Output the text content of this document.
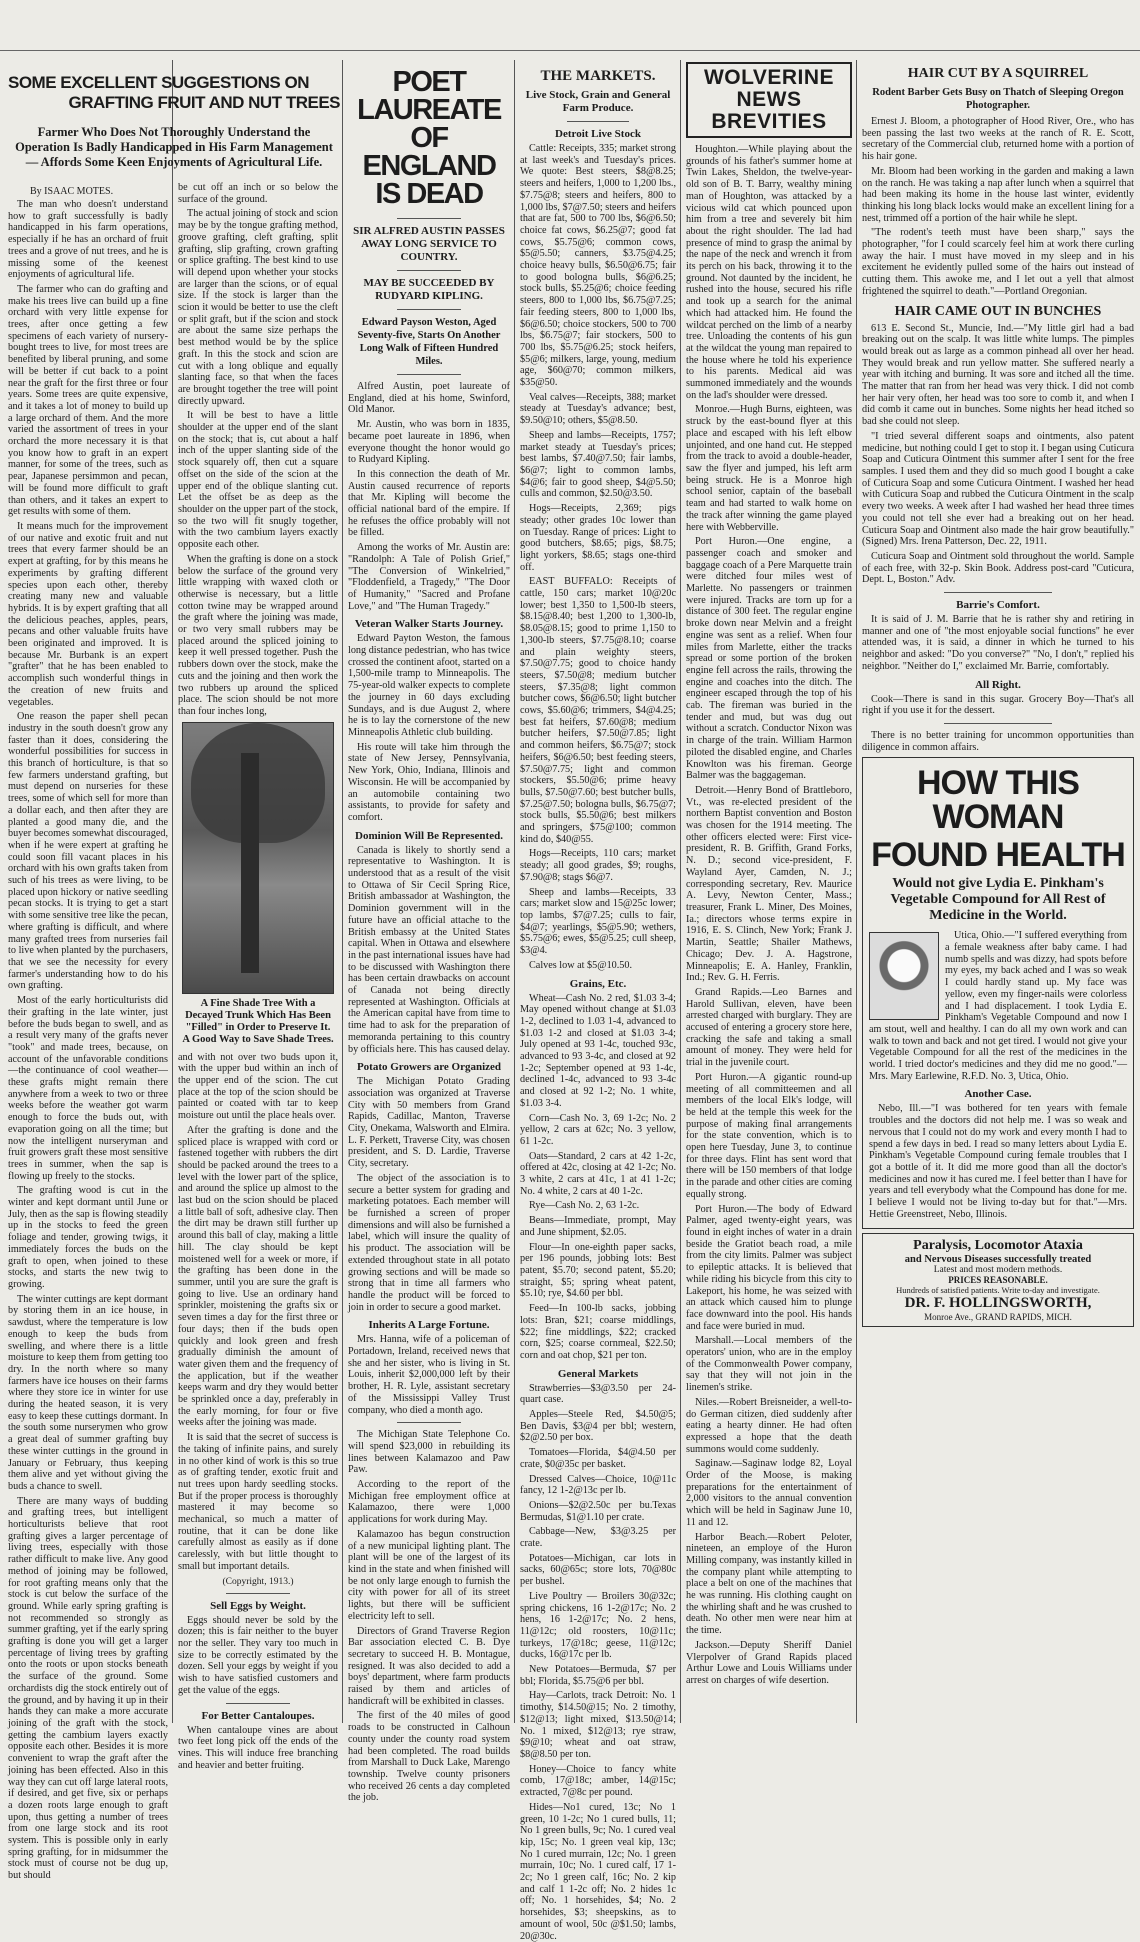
SOME EXCELLENT SUGGESTIONS ON
GRAFTING FRUIT AND NUT TREES
Farmer Who Does Not Thoroughly Understand the Operation Is Badly Handicapped in His Farm Management — Affords Some Keen Enjoyments of Agricultural Life.
By ISAAC MOTES.

The man who doesn't understand how to graft successfully is badly handicapped in his farm operations, especially if he has an orchard of fruit trees and a grove of nut trees, and he is missing some of the keenest enjoyments of agricultural life.

The farmer who can do grafting and make his trees live can build up a fine orchard with very little expense for trees, after once getting a few specimens of each variety of nursery-bought trees to live, for most trees are benefited by liberal pruning, and some will be better if cut back to a point near the graft for the first three or four years. Some trees are quite expensive, and it takes a lot of money to build up a large orchard of them. And the more varied the assortment of trees in your orchard the more necessary it is that you know how to graft in an expert manner, for some of the trees, such as pear, Japanese persimmon and pecan, will be found more difficult to graft than others, and it takes an expert to get results with some of them.

It means much for the improvement of our native and exotic fruit and nut trees that every farmer should be an expert at grafting, for by this means he experiments by grafting different species upon each other, thereby creating many new and valuable hybrids. It is by expert grafting that all the delicious peaches, apples, pears, pecans and other valuable fruits have been originated and improved. It is because Mr. Burbank is an expert "grafter" that he has been enabled to accomplish such wonderful things in the creation of new fruits and vegetables.

One reason the paper shell pecan industry in the south doesn't grow any faster than it does, considering the wonderful possibilities for success in this branch of horticulture, is that so few farmers understand grafting, but must depend on nurseries for these trees, some of which sell for more than a dollar each, and then after they are planted a good many die, and the buyer becomes somewhat discouraged, when if he were expert at grafting he could soon fill vacant places in his orchard with his own grafts taken from such of his trees as were living, to be placed upon hickory or native seedling pecan stocks. It is trying to get a start with some sensitive tree like the pecan, where grafting is difficult, and where many grafted trees from nurseries fail to live when planted by the purchasers, that we see the necessity for every farmer's understanding how to do his own grafting.

Most of the early horticulturists did their grafting in the late winter, just before the buds began to swell, and as a result very many of the grafts never "took" and made trees, because, on account of the unfavorable conditions—the continuance of cool weather—these grafts might remain there anywhere from a week to two or three weeks before the weather got warm enough to force the buds out, with evaporation going on all the time; but now the intelligent nurseryman and fruit growers graft these most sensitive trees in summer, when the sap is flowing up freely to the stocks.

The grafting wood is cut in the winter and kept dormant until June or July, then as the sap is flowing steadily up in the stocks to feed the green foliage and tender, growing twigs, it immediately forces the buds on the graft to open, when joined to these stocks, and starts the new twig to growing.

The winter cuttings are kept dormant by storing them in an ice house, in sawdust, where the temperature is low enough to keep the buds from swelling, and where there is a little moisture to keep them from getting too dry. In the north where so many farmers have ice houses on their farms where they store ice in winter for use during the heated season, it is very easy to keep these cuttings dormant. In the south some nurserymen who grow a great deal of summer grafting buy these winter cuttings in the ground in January or February, thus keeping them alive and yet without giving the buds a chance to swell.

There are many ways of budding and grafting trees, but intelligent horticulturists believe that root grafting gives a larger percentage of living trees, especially with those rather difficult to make live. Any good method of joining may be followed, for root grafting means only that the stock is cut below the surface of the ground. While early spring grafting is not recommended so strongly as summer grafting, yet if the early spring grafting is done you will get a larger percentage of living trees by grafting onto the roots or upon stocks beneath the surface of the ground. Some orchardists dig the stock entirely out of the ground, and by having it up in their hands they can make a more accurate joining of the graft with the stock, getting the cambium layers exactly opposite each other. Besides it is more convenient to wrap the graft after the joining has been effected. Also in this way they can cut off large lateral roots, if desired, and get five, six or perhaps a dozen roots large enough to graft upon, thus getting a number of trees from one large stock and its root system. This is possible only in early spring grafting, for in midsummer the stock must of course not be dug up, but should

be cut off an inch or so below the surface of the ground.

The actual joining of stock and scion may be by the tongue grafting method, groove grafting, cleft grafting, split grafting, slip grafting, crown grafting or splice grafting. The best kind to use will depend upon whether your stocks are larger than the scions, or of equal size. If the stock is larger than the scion it would be better to use the cleft or split graft, but if the scion and stock are about the same size perhaps the best method would be by the splice graft. In this the stock and scion are cut with a long oblique and equally slanting face, so that when the faces are brought together the tree will point directly upward.

It will be best to have a little shoulder at the upper end of the slant on the stock; that is, cut about a half inch of the upper slanting side of the stock squarely off, then cut a square offset on the side of the scion at the upper end of the oblique slanting cut. Let the offset be as deep as the shoulder on the upper part of the stock, so the two will fit snugly together, with the two cambium layers exactly opposite each other.

When the grafting is done on a stock below the surface of the ground very little wrapping with waxed cloth or otherwise is necessary, but a little cotton twine may be wrapped around the graft where the joining was made, or two very small rubbers may be placed around the spliced joining to keep it well pressed together. Push the rubbers down over the stock, make the cuts and the joining and then work the two rubbers up around the spliced place. The scion should be not more than four inches long,

A Fine Shade Tree With a Decayed Trunk Which Has Been "Filled" in Order to Preserve It. A Good Way to Save Shade Trees.

and with not over two buds upon it, with the upper bud within an inch of the upper end of the scion. The cut place at the top of the scion should be painted or coated with tar to keep moisture out until the place heals over.

After the grafting is done and the spliced place is wrapped with cord or fastened together with rubbers the dirt should be packed around the trees to a level with the lower part of the splice, and around the splice up almost to the last bud on the scion should be placed a little ball of soft, adhesive clay. Then the dirt may be drawn still further up around this ball of clay, making a little hill. The clay should be kept moistened well for a week or more, if the grafting has been done in the summer, until you are sure the graft is going to live. Use an ordinary hand sprinkler, moistening the grafts six or seven times a day for the first three or four days; then if the buds open quickly and look green and fresh gradually diminish the amount of water given them and the frequency of the application, but if the weather keeps warm and dry they would better be sprinkled once a day, preferably in the early morning, for four or five weeks after the joining was made.

It is said that the secret of success is the taking of infinite pains, and surely in no other kind of work is this so true as of grafting tender, exotic fruit and nut trees upon hardy seedling stocks. But if the proper process is thoroughly mastered it may become so mechanical, so much a matter of routine, that it can be done like carefully almost as easily as if done carelessly, with but little thought to small but important details.

(Copyright, 1913.)
Sell Eggs by Weight.

Eggs should never be sold by the dozen; this is fair neither to the buyer nor the seller. They vary too much in size to be correctly estimated by the dozen. Sell your eggs by weight if you wish to have satisfied customers and get the value of the eggs.

For Better Cantaloupes.

When cantaloupe vines are about two feet long pick off the ends of the vines. This will induce free branching and heavier and better fruiting.

POET LAUREATE OF ENGLAND IS DEAD
SIR ALFRED AUSTIN PASSES AWAY LONG SERVICE TO COUNTRY.
MAY BE SUCCEEDED BY RUDYARD KIPLING.
Edward Payson Weston, Aged Seventy-five, Starts On Another Long Walk of Fifteen Hundred Miles.

Alfred Austin, poet laureate of England, died at his home, Swinford, Old Manor.

Mr. Austin, who was born in 1835, became poet laureate in 1896, when everyone thought the honor would go to Rudyard Kipling.

In this connection the death of Mr. Austin caused recurrence of reports that Mr. Kipling will become the official national bard of the empire. If he refuses the office probably will not be filled.

Among the works of Mr. Austin are: "Randolph: A Tale of Polish Grief," "The Conversion of Winkelried," "Floddenfield, a Tragedy," "The Door of Humanity," "Sacred and Profane Love," and "The Human Tragedy."

Veteran Walker Starts Journey.

Edward Payton Weston, the famous long distance pedestrian, who has twice crossed the continent afoot, started on a 1,500-mile tramp to Minneapolis. The 75-year-old walker expects to complete the journey in 60 days excluding Sundays, and is due August 2, where he is to lay the cornerstone of the new Minneapolis Athletic club building.

His route will take him through the state of New Jersey, Pennsylvania, New York, Ohio, Indiana, Illinois and Wisconsin. He will be accompanied by an automobile containing two assistants, to provide for safety and comfort.

Dominion Will Be Represented.

Canada is likely to shortly send a representative to Washington. It is understood that as a result of the visit to Ottawa of Sir Cecil Spring Rice, British ambassador at Washington, the Dominion government will in the future have an official attache to the British embassy at the United States capital. When in Ottawa and elsewhere in the past international issues have had to be discussed with Washington there has been certain drawbacks on account of Canada not being directly represented at Washington. Officials at the American capital have from time to time had to ask for the preparation of memoranda pertaining to this country by officials here. This has caused delay.

Potato Growers are Organized

The Michigan Potato Grading association was organized at Traverse City with 50 members from Grand Rapids, Cadillac, Manton, Traverse City, Onekama, Walsworth and Elmira. L. F. Perkett, Traverse City, was chosen president, and S. D. Lardie, Traverse City, secretary.

The object of the association is to secure a better system for grading and marketing potatoes. Each member will be furnished a screen of proper dimensions and will also be furnished a label, which will insure the quality of his product. The association will be extended throughout state in all potato growing sections and will be made so strong that in time all farmers who handle the product will be forced to join in order to secure a good market.

Inherits A Large Fortune.

Mrs. Hanna, wife of a policeman of Portadown, Ireland, received news that she and her sister, who is living in St. Louis, inherit $2,000,000 left by their brother, H. R. Lyle, assistant secretary of the Mississippi Valley Trust company, who died a month ago.

The Michigan State Telephone Co. will spend $23,000 in rebuilding its lines between Kalamazoo and Paw Paw.

According to the report of the Michigan free employment office at Kalamazoo, there were 1,000 applications for work during May.

Kalamazoo has begun construction of a new municipal lighting plant. The plant will be one of the largest of its kind in the state and when finished will be not only large enough to furnish the city with power for all of its street lights, but there will be sufficient electricity left to sell.

Directors of Grand Traverse Region Bar association elected C. B. Dye secretary to succeed H. B. Montague, resigned. It was also decided to add a boys' department, where farm products raised by them and articles of handicraft will be exhibited in classes.

The first of the 40 miles of good roads to be constructed in Calhoun county under the county road system had been completed. The road builds from Marshall to Duck Lake, Marengo township. Twelve county prisoners who received 26 cents a day completed the job.

THE MARKETS.
Live Stock, Grain and General Farm Produce.
Detroit Live Stock

Cattle: Receipts, 335; market strong at last week's and Tuesday's prices. We quote: Best steers, $8@8.25; steers and heifers, 1,000 to 1,200 lbs., $7.75@8; steers and heifers, 800 to 1,000 lbs, $7@7.50; steers and heifers that are fat, 500 to 700 lbs, $6@6.50; choice fat cows, $6.25@7; good fat cows, $5.75@6; common cows, $5@5.50; canners, $3.75@4.25; choice heavy bulls, $6.50@6.75; fair to good bologna bulls, $6@6.25; stock bulls, $5.25@6; choice feeding steers, 800 to 1,000 lbs, $6.75@7.25; fair feeding steers, 800 to 1,000 lbs, $6@6.50; choice stockers, 500 to 700 lbs, $6.75@7; fair stockers, 500 to 700 lbs, $5.75@6.25; stock heifers, $5@6; milkers, large, young, medium age, $60@70; common milkers, $35@50.

Veal calves—Receipts, 388; market steady at Tuesday's advance; best, $9.50@10; others, $5@8.50.

Sheep and lambs—Receipts, 1757; market steady at Tuesday's prices; best lambs, $7.40@7.50; fair lambs, $6@7; light to common lambs, $4@6; fair to good sheep, $4@5.50; culls and common, $2.50@3.50.

Hogs—Receipts, 2,369; pigs steady; other grades 10c lower than on Tuesday. Range of prices: Light to good butchers, $8.65; pigs, $8.75; light yorkers, $8.65; stags one-third off.

EAST BUFFALO: Receipts of cattle, 150 cars; market 10@20c lower; best 1,350 to 1,500-lb steers, $8.15@8.40; best 1,200 to 1,300-lb, $8.05@8.15; good to prime 1,150 to 1,300-lb steers, $7.75@8.10; coarse and plain weighty steers, $7.50@7.75; good to choice handy steers, $7.50@8; medium butcher steers, $7.35@8; light common butcher cows, $6@6.50; light butcher cows, $5.60@6; trimmers, $4@4.25; best fat heifers, $7.60@8; medium butcher heifers, $7.50@7.85; light and common heifers, $6.75@7; stock heifers, $6@6.50; best feeding steers, $7.50@7.75; light and common stockers, $5.50@6; prime heavy bulls, $7.50@7.60; best butcher bulls, $7.25@7.50; bologna bulls, $6.75@7; stock bulls, $5.50@6; best milkers and springers, $75@100; common kind do, $40@55.

Hogs—Receipts, 110 cars; market steady; all good grades, $9; roughs, $7.90@8; stags $6@7.

Sheep and lambs—Receipts, 33 cars; market slow and 15@25c lower; top lambs, $7@7.25; culls to fair, $4@7; yearlings, $5@5.90; wethers, $5.75@6; ewes, $5@5.25; cull sheep, $3@4.

Calves low at $5@10.50.

Grains, Etc.

Wheat—Cash No. 2 red, $1.03 3-4; May opened without change at $1.03 1-2, declined to 1.03 1-4, advanced to $1.03 1-2 and closed at $1.03 3-4; July opened at 93 1-4c, touched 93c, advanced to 93 3-4c, and closed at 92 1-2c; September opened at 93 1-4c, declined 1-4c, advanced to 93 3-4c and closed at 92 1-2; No. 1 white, $1.03 3-4.

Corn—Cash No. 3, 69 1-2c; No. 2 yellow, 2 cars at 62c; No. 3 yellow, 61 1-2c.

Oats—Standard, 2 cars at 42 1-2c, offered at 42c, closing at 42 1-2c; No. 3 white, 2 cars at 41c, 1 at 41 1-2c; No. 4 white, 2 cars at 40 1-2c.

Rye—Cash No. 2, 63 1-2c.

Beans—Immediate, prompt, May and June shipment, $2.05.

Flour—In one-eighth paper sacks, per 196 pounds, jobbing lots: Best patent, $5.70; second patent, $5.20; straight, $5; spring wheat patent, $5.10; rye, $4.60 per bbl.

Feed—In 100-lb sacks, jobbing lots: Bran, $21; coarse middlings, $22; fine middlings, $22; cracked corn, $25; coarse cornmeal, $22.50; corn and oat chop, $21 per ton.

General Markets

Strawberries—$3@3.50 per 24-quart case.

Apples—Steele Red, $4.50@5; Ben Davis, $3@4 per bbl; western, $2@2.50 per box.

Tomatoes—Florida, $4@4.50 per crate, $0@35c per basket.

Dressed Calves—Choice, 10@11c fancy, 12 1-2@13c per lb.

Onions—$2@2.50c per bu.Texas Bermudas, $1@1.10 per crate.

Cabbage—New, $3@3.25 per crate.

Potatoes—Michigan, car lots in sacks, 60@65c; store lots, 70@80c per bushel.

Live Poultry — Broilers 30@32c; spring chickens, 16 1-2@17c; No. 2 hens, 16 1-2@17c; No. 2 hens, 11@12c; old roosters, 10@11c; turkeys, 17@18c; geese, 11@12c; ducks, 16@17c per lb.

New Potatoes—Bermuda, $7 per bbl; Florida, $5.75@6 per bbl.

Hay—Carlots, track Detroit: No. 1 timothy, $14.50@15; No. 2 timothy, $12@13; light mixed, $13.50@14; No. 1 mixed, $12@13; rye straw, $9@10; wheat and oat straw, $8@8.50 per ton.

Honey—Choice to fancy white comb, 17@18c; amber, 14@15c; extracted, 7@8c per pound.

Hides—No1 cured, 13c; No 1 green, 10 1-2c; No 1 cured bulls, 11; No 1 green bulls, 9c; No. 1 cured veal kip, 15c; No. 1 green veal kip, 13c; No 1 cured murrain, 12c; No. 1 green murrain, 10c; No. 1 cured calf, 17 1-2c; No 1 green calf, 16c; No. 2 kip and calf 1 1-2c off; No. 2 hides 1c off; No. 1 horsehides, $4; No. 2 horsehides, $3; sheepskins, as to amount of wool, 50c @$1.50; lambs, 20@30c.

WOLVERINE
NEWS BREVITIES

Houghton.—While playing about the grounds of his father's summer home at Twin Lakes, Sheldon, the twelve-year-old son of B. T. Barry, wealthy mining man of Houghton, was attacked by a vicious wild cat which pounced upon him from a tree and severely bit him about the right shoulder. The lad had presence of mind to grasp the animal by the nape of the neck and wrench it from its perch on his back, throwing it to the ground. Not daunted by the incident, he rushed into the house, secured his rifle and took up a search for the animal which had attacked him. He found the wildcat perched on the limb of a nearby tree. Unloading the contents of his gun at the wildcat the young man repaired to the house where he told his experience to his parents. Medical aid was summoned immediately and the wounds on the lad's shoulder were dressed.

Monroe.—Hugh Burns, eighteen, was struck by the east-bound flyer at this place and escaped with his left elbow unjointed, and one hand cut. He stepped from the track to avoid a double-header, saw the flyer and jumped, his left arm being struck. He is a Monroe high school senior, captain of the baseball team and had started to walk home on the track after winning the game played here with Webberville.

Port Huron.—One engine, a passenger coach and smoker and baggage coach of a Pere Marquette train were ditched four miles west of Marlette. No passengers or trainmen were injured. Tracks are torn up for a distance of 300 feet. The regular engine broke down near Melvin and a freight engine was sent as a relief. When four miles from Marlette, either the tracks spread or some portion of the broken engine fell across the rails, throwing the engine and coaches into the ditch. The engineer escaped through the top of his cab. The fireman was buried in the tender and mud, but was dug out without a scratch. Conductor Nixon was in charge of the train. William Harmon piloted the disabled engine, and Charles Knowlton was his fireman. George Balmer was the baggageman.

Detroit.—Henry Bond of Brattleboro, Vt., was re-elected president of the northern Baptist convention and Boston was chosen for the 1914 meeting. The other officers elected were: First vice-president, R. B. Griffith, Grand Forks, N. D.; second vice-president, F. Wayland Ayer, Camden, N. J.; corresponding secretary, Rev. Maurice A. Levy, Newton Center, Mass.; treasurer, Frank L. Miner, Des Moines, Ia.; directors whose terms expire in 1916, E. S. Clinch, New York; Frank J. Martin, Seattle; Shailer Mathews, Chicago; Dev. J. A. Hagstrone, Minneapolis; E. A. Hanley, Franklin, Ind.; Rev. G. H. Ferris.

Grand Rapids.—Leo Barnes and Harold Sullivan, eleven, have been arrested charged with burglary. They are accused of entering a grocery store here, cracking the safe and taking a small amount of money. They were held for trial in the juvenile court.

Port Huron.—A gigantic round-up meeting of all committeemen and all members of the local Elk's lodge, will be held at the temple this week for the purpose of making final arrangements for the state convention, which is to open here Tuesday, June 3, to continue for three days. Flint has sent word that there will be 150 members of that lodge in the parade and other cities are coming equally strong.

Port Huron.—The body of Edward Palmer, aged twenty-eight years, was found in eight inches of water in a drain beside the Gratiot beach road, a mile from the city limits. Palmer was subject to epileptic attacks. It is believed that while riding his bicycle from this city to Lakeport, his home, he was seized with an attack which caused him to plunge face downward into the pool. His hands and face were buried in mud.

Marshall.—Local members of the operators' union, who are in the employ of the Commonwealth Power company, say that they will not join in the linemen's strike.

Niles.—Robert Breisneider, a well-to-do German citizen, died suddenly after eating a hearty dinner. He had often expressed a hope that the death summons would come suddenly.

Saginaw.—Saginaw lodge 82, Loyal Order of the Moose, is making preparations for the entertainment of 2,000 visitors to the annual convention which will be held in Saginaw June 10, 11 and 12.

Harbor Beach.—Robert Peloter, nineteen, an employe of the Huron Milling company, was instantly killed in the company plant while attempting to place a belt on one of the machines that he was running. His clothing caught on the whirling shaft and he was crushed to death. No other men were near him at the time.

Jackson.—Deputy Sheriff Daniel Vlerpolver of Grand Rapids placed Arthur Lowe and Louis Williams under arrest on charges of wife desertion.

HAIR CUT BY A SQUIRREL
Rodent Barber Gets Busy on Thatch of Sleeping Oregon Photographer.

Ernest J. Bloom, a photographer of Hood River, Ore., who has been passing the last two weeks at the ranch of R. E. Scott, secretary of the Commercial club, returned home with a portion of his hair gone.

Mr. Bloom had been working in the garden and making a lawn on the ranch. He was taking a nap after lunch when a squirrel that had been making its home in the house last winter, evidently thinking his long black locks would make an excellent lining for a nest, trimmed off a portion of the hair while he slept.

"The rodent's teeth must have been sharp," says the photographer, "for I could scarcely feel him at work there curling away the hair. I must have moved in my sleep and in his excitement he evidently pulled some of the hairs out instead of cutting them. This awoke me, and I let out a yell that almost frightened the squirrel to death."—Portland Oregonian.

HAIR CAME OUT IN BUNCHES

613 E. Second St., Muncie, Ind.—"My little girl had a bad breaking out on the scalp. It was little white lumps. The pimples would break out as large as a common pinhead all over her head. They would break and run yellow matter. She suffered nearly a year with itching and burning. It was sore and itched all the time. The matter that ran from her head was very thick. I did not comb her hair very often, her head was too sore to comb it, and when I did comb it came out in bunches. Some nights her head itched so bad she could not sleep.

"I tried several different soaps and ointments, also patent medicine, but nothing could I get to stop it. I began using Cuticura Soap and Cuticura Ointment this summer after I sent for the free samples. I used them and they did so much good I bought a cake of Cuticura Soap and some Cuticura Ointment. I washed her head with Cuticura Soap and rubbed the Cuticura Ointment in the scalp every two weeks. A week after I had washed her head three times you could not tell she ever had a breaking out on her head. Cuticura Soap and Ointment also made the hair grow beautifully." (Signed) Mrs. Irena Patterson, Dec. 22, 1911.

Cuticura Soap and Ointment sold throughout the world. Sample of each free, with 32-p. Skin Book. Address post-card "Cuticura, Dept. L, Boston." Adv.

Barrie's Comfort.

It is said of J. M. Barrie that he is rather shy and retiring in manner and one of "the most enjoyable social functions" he ever attended was, it is said, a dinner in which he turned to his neighbor and asked: "Do you converse?" "No, I don't," replied his neighbor. "Neither do I," exclaimed Mr. Barrie, comfortably.

All Right.

Cook—There is sand in this sugar. Grocery Boy—That's all right if you use it for the dessert.

There is no better training for uncommon opportunities than diligence in common affairs.

HOW THIS WOMAN
FOUND HEALTH
Would not give Lydia E. Pinkham's Vegetable Compound for All Rest of Medicine in the World.

Utica, Ohio.—"I suffered everything from a female weakness after baby came. I had numb spells and was dizzy, had spots before my eyes, my back ached and I was so weak I could hardly stand up. My face was yellow, even my finger-nails were colorless and I had displacement. I took Lydia E. Pinkham's Vegetable Compound and now I am stout, well and healthy. I can do all my own work and can walk to town and back and not get tired. I would not give your Vegetable Compound for all the rest of the medicines in the world. I tried doctor's medicines and they did me no good."—Mrs. Mary Earlewine, R.F.D. No. 3, Utica, Ohio.

Another Case.

Nebo, Ill.—"I was bothered for ten years with female troubles and the doctors did not help me. I was so weak and nervous that I could not do my work and every month I had to spend a few days in bed. I read so many letters about Lydia E. Pinkham's Vegetable Compound curing female troubles that I got a bottle of it. It did me more good than all the doctor's medicines and now it has cured me. I feel better than I have for years and tell everybody what the Compound has done for me. I believe I would not be living to-day but for that."—Mrs. Hettie Greenstreet, Nebo, Illinois.

Paralysis, Locomotor Ataxia
and Nervous Diseases successfully treated
Latest and most modern methods.
PRICES REASONABLE.
Hundreds of satisfied patients. Write to-day and investigate.
DR. F. HOLLINGSWORTH,
Monroe Ave., GRAND RAPIDS, MICH.
